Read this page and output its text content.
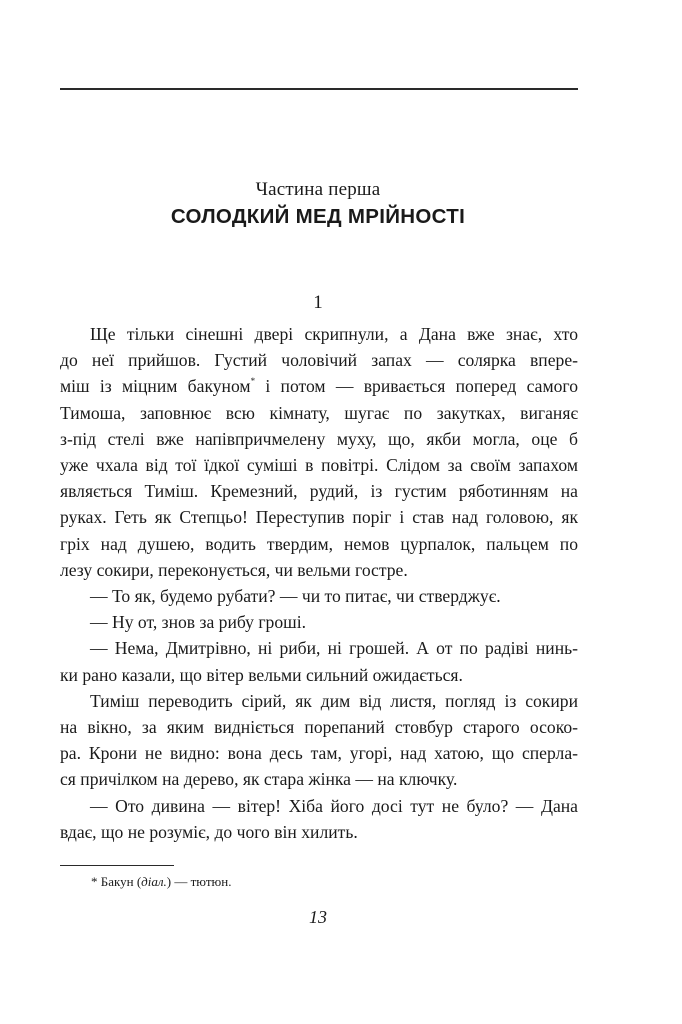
Частина перша
СОЛОДКИЙ МЕД МРІЙНОСТІ
1
Ще тільки сінешні двері скрипнули, а Дана вже знає, хто
до неї прийшов. Густий чоловічий запах — солярка впере-
міш із міцним бакуном* і потом — вривається поперед самого
Тимоша, заповнює всю кімнату, шугає по закутках, виганяє
з-під стелі вже напівпричмелену муху, що, якби могла, оце б
уже чхала від тої їдкої суміші в повітрі. Слідом за своїм запахом
являється Тиміш. Кремезний, рудий, із густим ряботинням на
руках. Геть як Степцьо! Переступив поріг і став над головою, як
гріх над душею, водить твердим, немов цурпалок, пальцем по
лезу сокири, переконується, чи вельми гостре.
— То як, будемо рубати? — чи то питає, чи стверджує.
— Ну от, знов за рибу гроші.
— Нема, Дмитрівно, ні риби, ні грошей. А от по радіві нинь-
ки рано казали, що вітер вельми сильний ожидається.
Тиміш переводить сірий, як дим від листя, погляд із сокири
на вікно, за яким видніється порепаний стовбур старого осоко-
ра. Крони не видно: вона десь там, угорі, над хатою, що сперла-
ся причілком на дерево, як стара жінка — на ключку.
— Ото дивина — вітер! Хіба його досі тут не було? — Дана
вдає, що не розуміє, до чого він хилить.
* Бакун (діал.) — тютюн.
13
